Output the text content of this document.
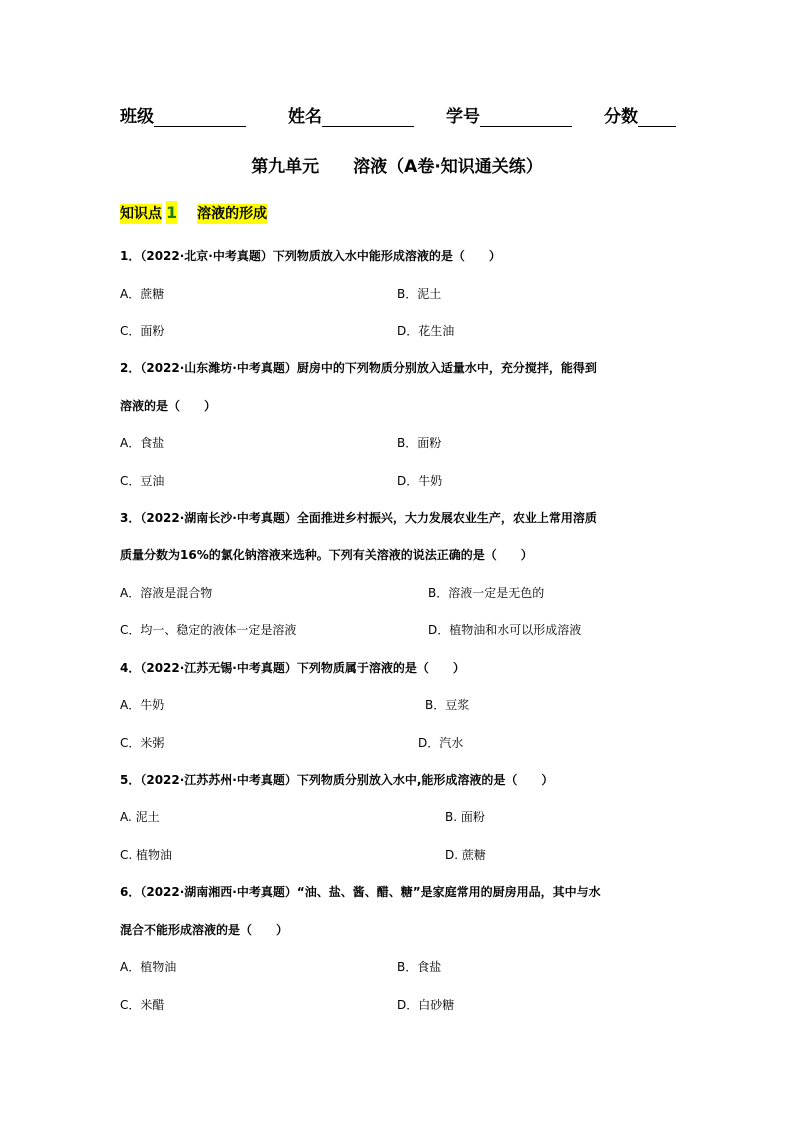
班级	姓名	学号	分数
第九单元　　溶液（A卷·知识通关练）
知识点 1 溶液的形成
1．（2022·北京·中考真题）下列物质放入水中能形成溶液的是（　　）
A．蔗糖	B．泥土
C．面粉	D．花生油
2．（2022·山东潍坊·中考真题）厨房中的下列物质分别放入适量水中，充分搅拌，能得到
溶液的是（　　）
A．食盐	B．面粉
C．豆油	D．牛奶
3．（2022·湖南长沙·中考真题）全面推进乡村振兴，大力发展农业生产，农业上常用溶质
质量分数为16%的氯化钠溶液来选种。下列有关溶液的说法正确的是（　　）
A．溶液是混合物	B．溶液一定是无色的
C．均一、稳定的液体一定是溶液	D．植物油和水可以形成溶液
4．（2022·江苏无锡·中考真题）下列物质属于溶液的是（　　）
A．牛奶	B．豆浆
C．米粥	D．汽水
5．（2022·江苏苏州·中考真题）下列物质分别放入水中,能形成溶液的是（　　）
A. 泥土	B. 面粉
C. 植物油	D. 蔗糖
6．（2022·湖南湘西·中考真题）“油、盐、酱、醋、糖”是家庭常用的厨房用品，其中与水
混合不能形成溶液的是（　　）
A．植物油	B．食盐
C．米醋	D．白砂糖
